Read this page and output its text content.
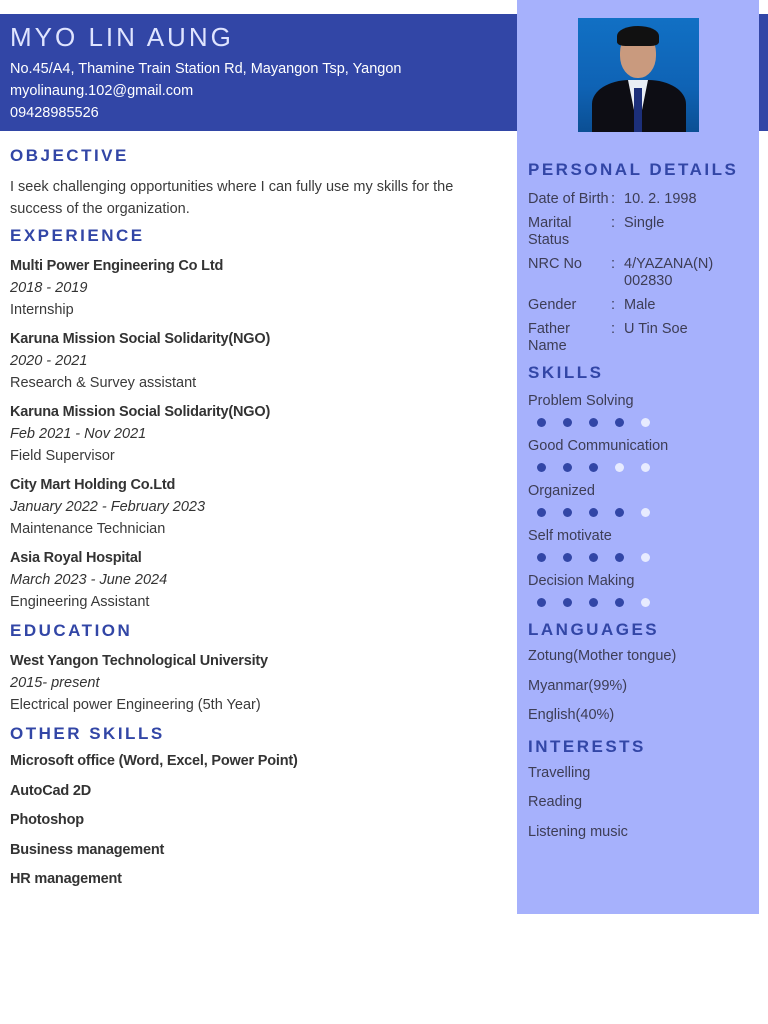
MYO LIN AUNG
No.45/A4, Thamine Train Station Rd, Mayangon Tsp, Yangon
myolinaung.102@gmail.com
09428985526
OBJECTIVE
I seek challenging opportunities where I can fully use my skills for the success of the organization.
EXPERIENCE
Multi Power Engineering Co Ltd
2018 - 2019
Internship
Karuna Mission Social Solidarity(NGO)
2020 - 2021
Research & Survey assistant
Karuna Mission Social Solidarity(NGO)
Feb 2021 - Nov 2021
Field Supervisor
City Mart Holding Co.Ltd
January 2022 - February 2023
Maintenance Technician
Asia Royal Hospital
March 2023 - June 2024
Engineering Assistant
EDUCATION
West Yangon Technological University
2015- present
Electrical power Engineering (5th Year)
OTHER SKILLS
Microsoft office (Word, Excel, Power Point)
AutoCad 2D
Photoshop
Business management
HR management
PERSONAL DETAILS
Date of Birth : 10. 2. 1998
Marital Status
: Single
NRC No	: 4/YAZANA(N) 002830
Gender	: Male
Father Name
: U Tin Soe
SKILLS
Problem Solving
Good Communication
Organized
Self motivate
Decision Making
LANGUAGES
Zotung(Mother tongue)
Myanmar(99%)
English(40%)
INTERESTS
Travelling
Reading
Listening music
